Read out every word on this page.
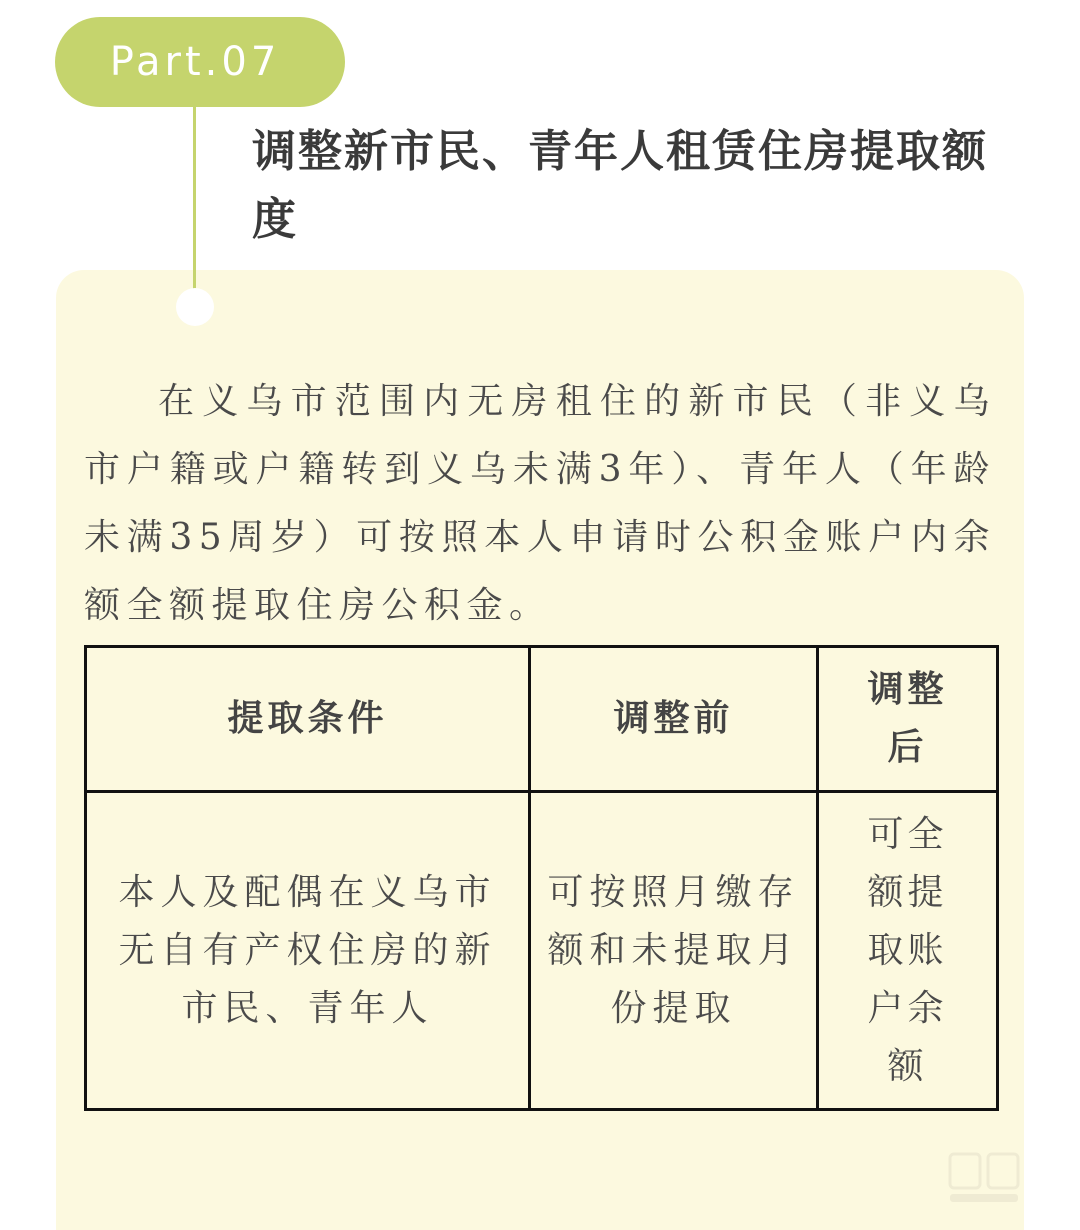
Part.07
调整新市民、青年人租赁住房提取额度

在义乌市范围内无房租住的新市民（非义乌市户籍或户籍转到义乌未满3年）、青年人（年龄未满35周岁）可按照本人申请时公积金账户内余额全额提取住房公积金。

提取条件	调整前	调整后

本人及配偶在义乌市无自有产权住房的新市民、青年人	可按照月缴存额和未提取月份提取	可全额提取账户余额
